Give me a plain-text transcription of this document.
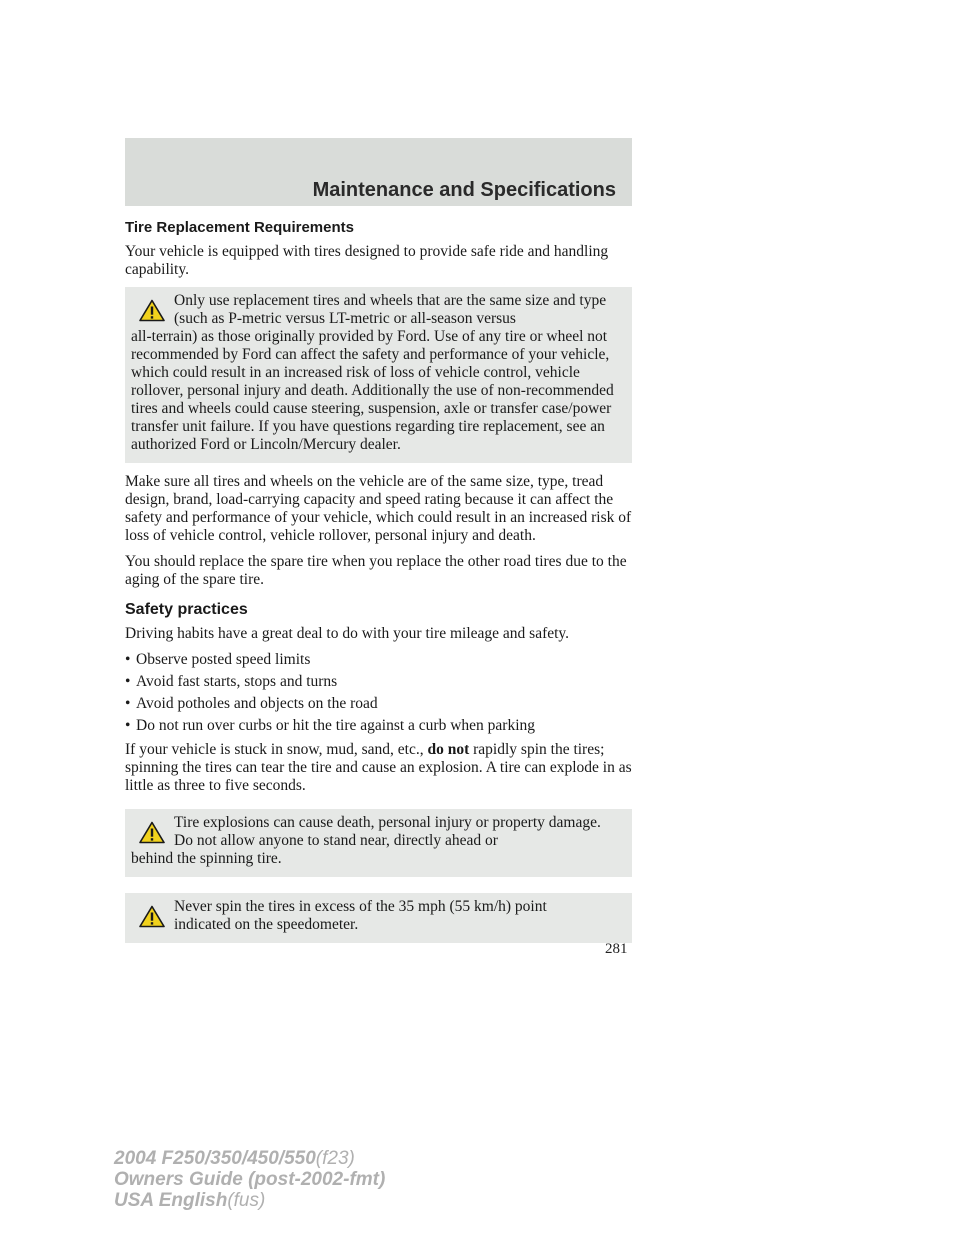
Maintenance and Specifications
Tire Replacement Requirements

Your vehicle is equipped with tires designed to provide safe ride and handling capability.

Only use replacement tires and wheels that are the same size and type (such as P-metric versus LT-metric or all-season versus
all-terrain) as those originally provided by Ford. Use of any tire or wheel not recommended by Ford can affect the safety and performance of your vehicle, which could result in an increased risk of loss of vehicle control, vehicle rollover, personal injury and death. Additionally the use of non-recommended tires and wheels could cause steering, suspension, axle or transfer case/power transfer unit failure. If you have questions regarding tire replacement, see an authorized Ford or Lincoln/Mercury dealer.

Make sure all tires and wheels on the vehicle are of the same size, type, tread design, brand, load-carrying capacity and speed rating because it can affect the safety and performance of your vehicle, which could result in an increased risk of loss of vehicle control, vehicle rollover, personal injury and death.

You should replace the spare tire when you replace the other road tires due to the aging of the spare tire.

Safety practices

Driving habits have a great deal to do with your tire mileage and safety.

• Observe posted speed limits
• Avoid fast starts, stops and turns
• Avoid potholes and objects on the road
• Do not run over curbs or hit the tire against a curb when parking

If your vehicle is stuck in snow, mud, sand, etc., do not rapidly spin the tires; spinning the tires can tear the tire and cause an explosion. A tire can explode in as little as three to five seconds.

Tire explosions can cause death, personal injury or property damage. Do not allow anyone to stand near, directly ahead or
behind the spinning tire.

Never spin the tires in excess of the 35 mph (55 km/h) point indicated on the speedometer.

281
2004 F250/350/450/550(f23)
Owners Guide (post-2002-fmt)
USA English(fus)
